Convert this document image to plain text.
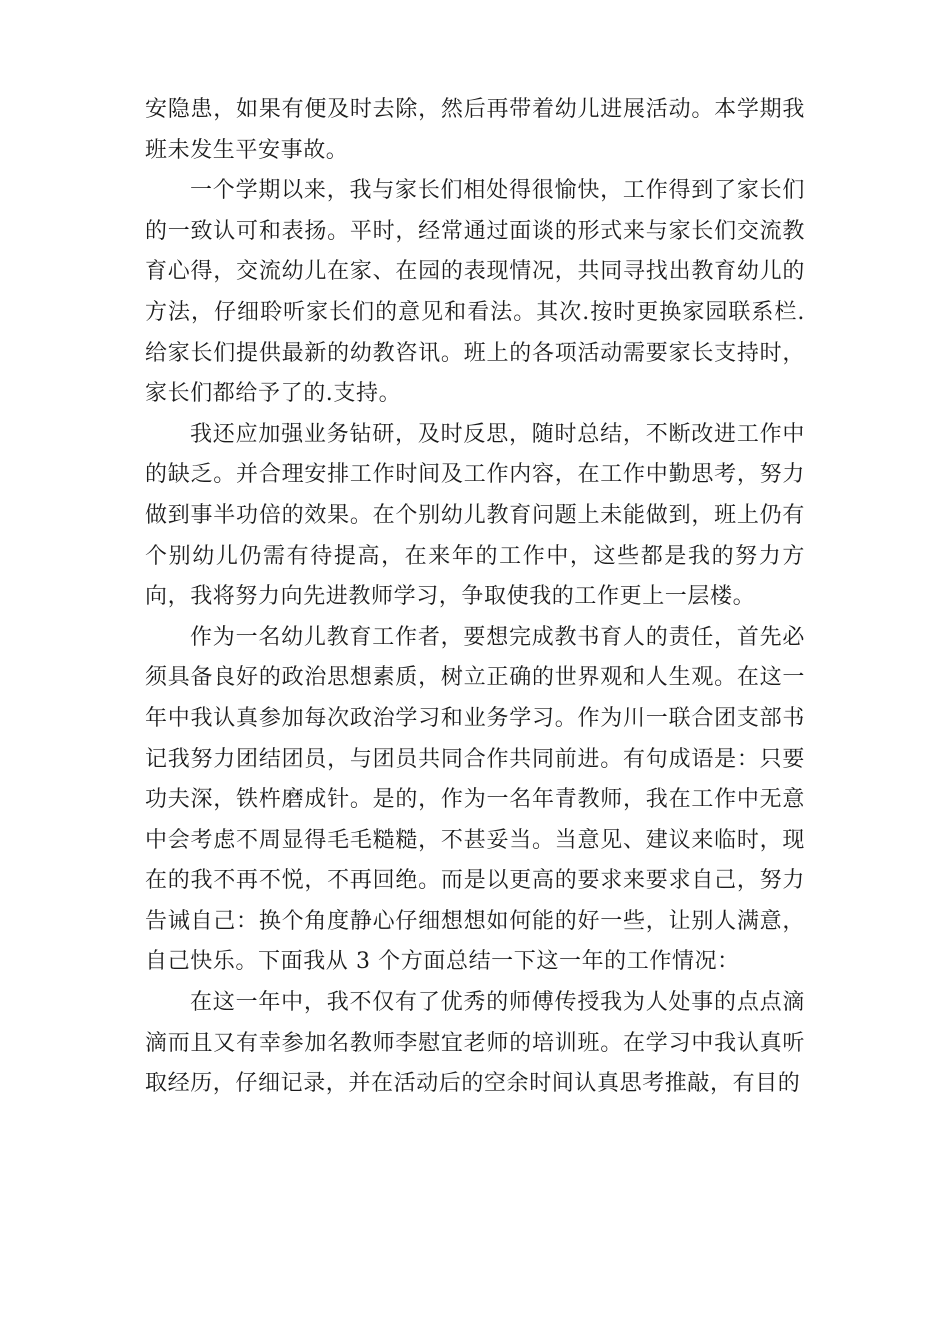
安隐患，如果有便及时去除，然后再带着幼儿进展活动。本学期我班未发生平安事故。

一个学期以来，我与家长们相处得很愉快，工作得到了家长们的一致认可和表扬。平时，经常通过面谈的形式来与家长们交流教育心得，交流幼儿在家、在园的表现情况，共同寻找出教育幼儿的方法，仔细聆听家长们的意见和看法。其次.按时更换家园联系栏.给家长们提供最新的幼教咨讯。班上的各项活动需要家长支持时，家长们都给予了的.支持。

我还应加强业务钻研，及时反思，随时总结，不断改进工作中的缺乏。并合理安排工作时间及工作内容，在工作中勤思考，努力做到事半功倍的效果。在个别幼儿教育问题上未能做到，班上仍有个别幼儿仍需有待提高，在来年的工作中，这些都是我的努力方向，我将努力向先进教师学习，争取使我的工作更上一层楼。

作为一名幼儿教育工作者，要想完成教书育人的责任，首先必须具备良好的政治思想素质，树立正确的世界观和人生观。在这一年中我认真参加每次政治学习和业务学习。作为川一联合团支部书记我努力团结团员，与团员共同合作共同前进。有句成语是：只要功夫深，铁杵磨成针。是的，作为一名年青教师，我在工作中无意中会考虑不周显得毛毛糙糙，不甚妥当。当意见、建议来临时，现在的我不再不悦，不再回绝。而是以更高的要求来要求自己，努力告诫自己：换个角度静心仔细想想如何能的好一些，让别人满意，自己快乐。下面我从 3 个方面总结一下这一年的工作情况：

在这一年中，我不仅有了优秀的师傅传授我为人处事的点点滴滴而且又有幸参加名教师李慰宜老师的培训班。在学习中我认真听取经历，仔细记录，并在活动后的空余时间认真思考推敲，有目的
